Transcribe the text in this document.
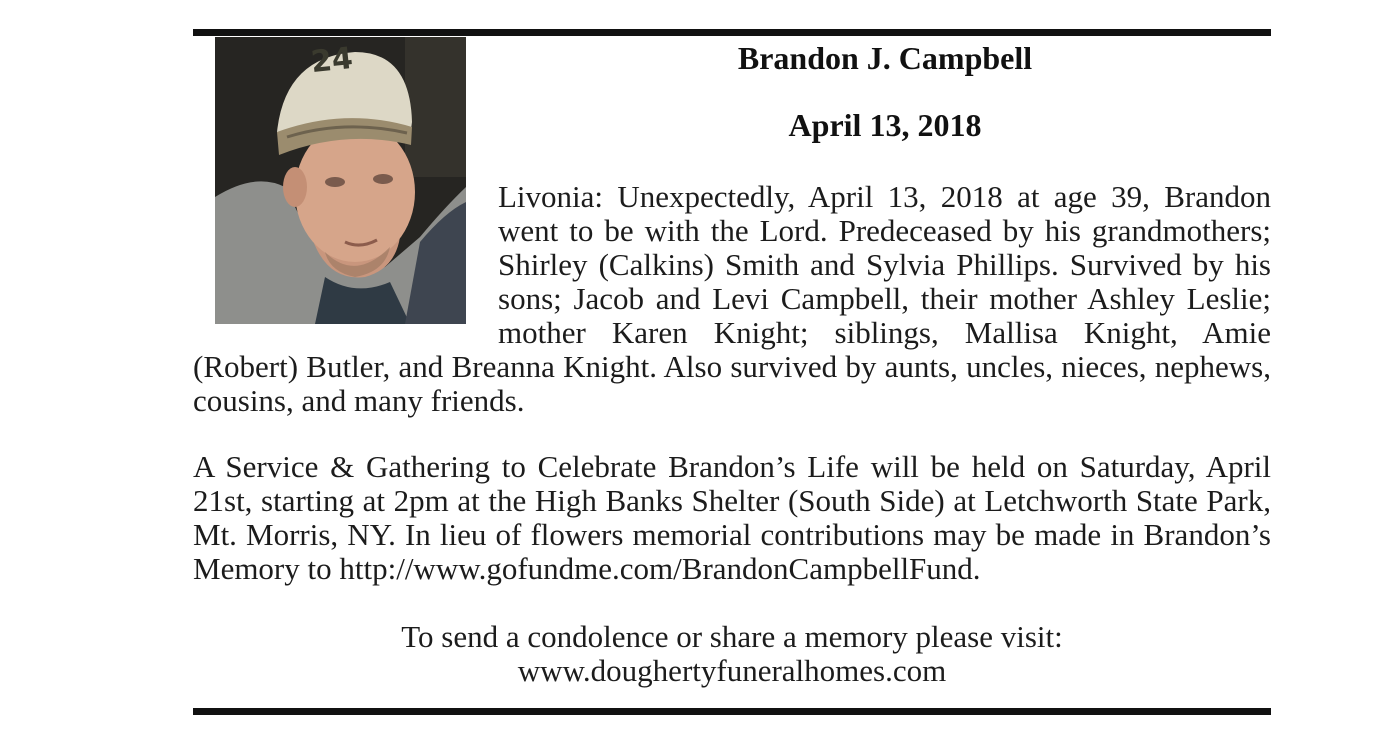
24	Brandon J. Campbell
April 13, 2018

Livonia: Unexpectedly, April 13, 2018 at age 39, Brandon went to be with the Lord. Predeceased by his grandmothers; Shirley (Calkins) Smith and Sylvia Phillips. Survived by his sons; Jacob and Levi Campbell, their mother Ashley Leslie; mother Karen Knight; siblings, Mallisa Knight, Amie (Robert) Butler, and Breanna Knight. Also survived by aunts, uncles, nieces, nephews, cousins, and many friends.

A Service & Gathering to Celebrate Brandon’s Life will be held on Saturday, April 21st, starting at 2pm at the High Banks Shelter (South Side) at Letchworth State Park, Mt. Morris, NY. In lieu of flowers memorial contributions may be made in Brandon’s Memory to http://www.gofundme.com/BrandonCampbellFund.

To send a condolence or share a memory please visit:
www.doughertyfuneralhomes.com
